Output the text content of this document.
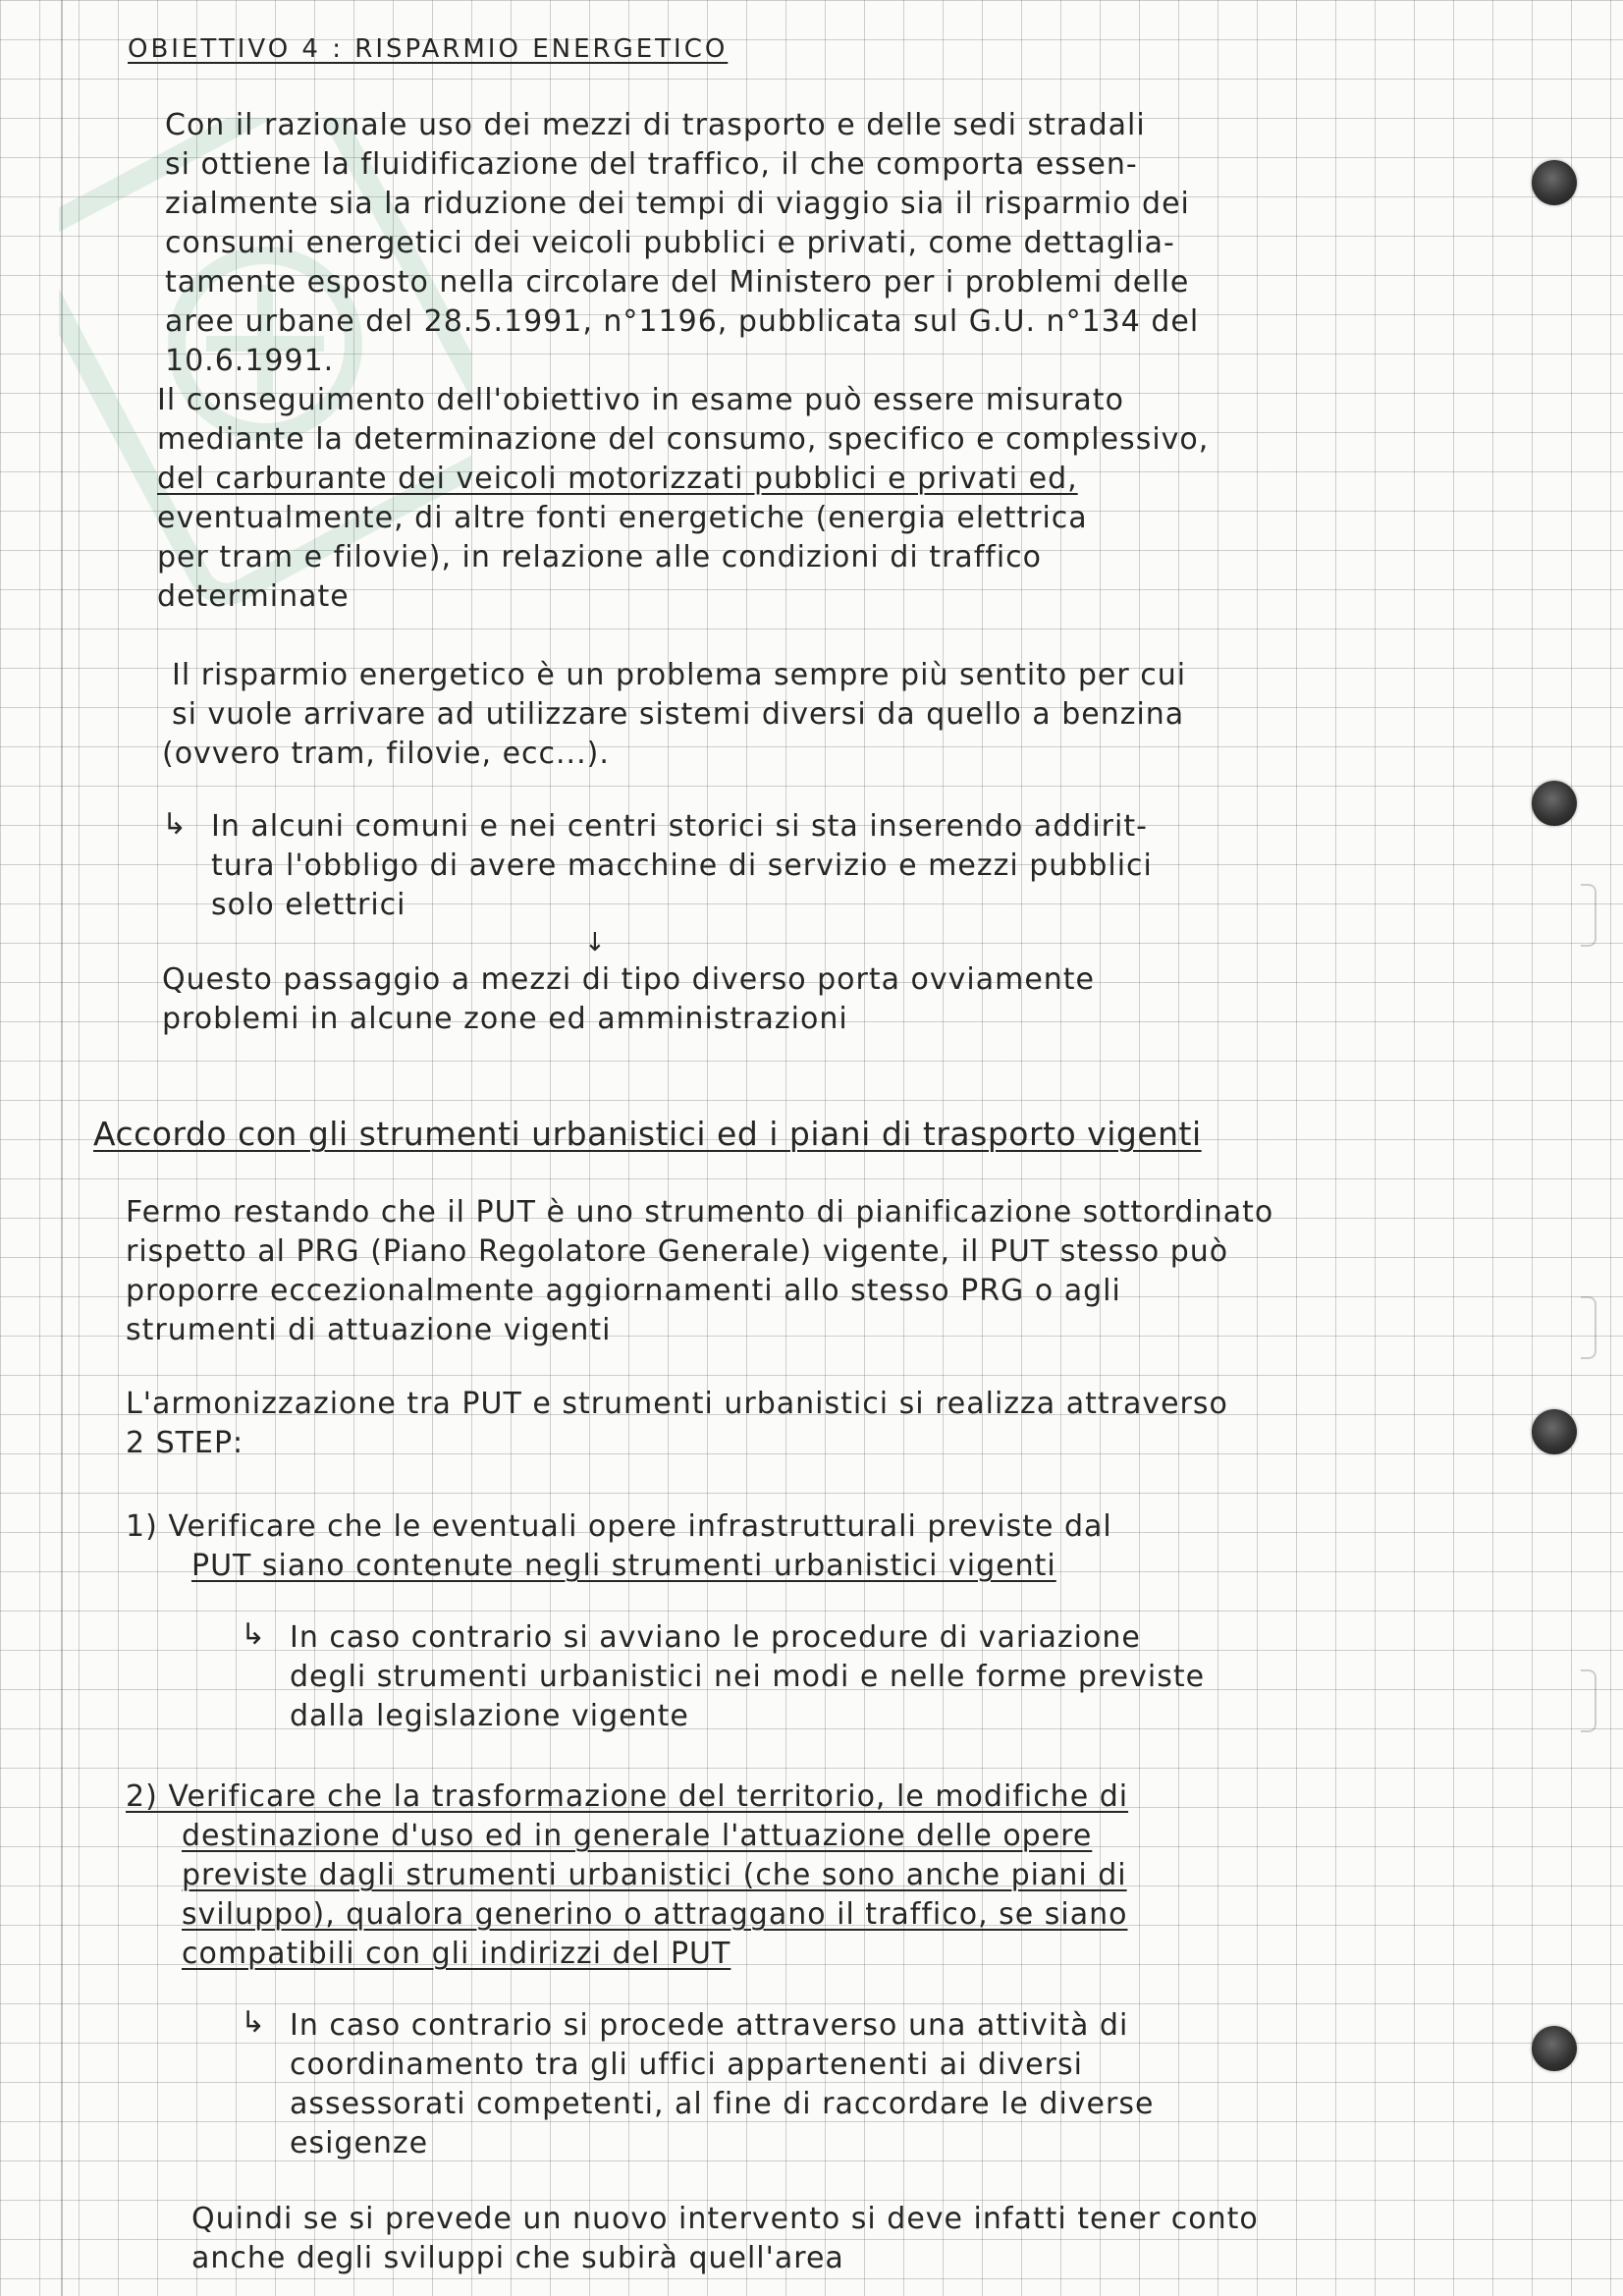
OBIETTIVO 4 : RISPARMIO ENERGETICO
Con il razionale uso dei mezzi di trasporto e delle sedi stradali
si ottiene la fluidificazione del traffico, il che comporta essen-
zialmente sia la riduzione dei tempi di viaggio sia il risparmio dei
consumi energetici dei veicoli pubblici e privati, come dettaglia-
tamente esposto nella circolare del Ministero per i problemi delle
aree urbane del 28.5.1991, n°1196, pubblicata sul G.U. n°134 del
10.6.1991.
Il conseguimento dell'obiettivo in esame può essere misurato
mediante la determinazione del consumo, specifico e complessivo,
del carburante dei veicoli motorizzati pubblici e privati ed,
eventualmente, di altre fonti energetiche (energia elettrica
per tram e filovie), in relazione alle condizioni di traffico
determinate
Il risparmio energetico è un problema sempre più sentito per cui
si vuole arrivare ad utilizzare sistemi diversi da quello a benzina
(ovvero tram, filovie, ecc...).
↳ In alcuni comuni e nei centri storici si sta inserendo addirit-
tura l'obbligo di avere macchine di servizio e mezzi pubblici
solo elettrici
↓
Questo passaggio a mezzi di tipo diverso porta ovviamente
problemi in alcune zone ed amministrazioni
Accordo con gli strumenti urbanistici ed i piani di trasporto vigenti
Fermo restando che il PUT è uno strumento di pianificazione sottordinato
rispetto al PRG (Piano Regolatore Generale) vigente, il PUT stesso può
proporre eccezionalmente aggiornamenti allo stesso PRG o agli
strumenti di attuazione vigenti
L'armonizzazione tra PUT e strumenti urbanistici si realizza attraverso
2 STEP:
1) Verificare che le eventuali opere infrastrutturali previste dal
PUT siano contenute negli strumenti urbanistici vigenti
↳ In caso contrario si avviano le procedure di variazione
degli strumenti urbanistici nei modi e nelle forme previste
dalla legislazione vigente
2) Verificare che la trasformazione del territorio, le modifiche di
destinazione d'uso ed in generale l'attuazione delle opere
previste dagli strumenti urbanistici (che sono anche piani di
sviluppo), qualora generino o attraggano il traffico, se siano
compatibili con gli indirizzi del PUT
↳ In caso contrario si procede attraverso una attività di
coordinamento tra gli uffici appartenenti ai diversi
assessorati competenti, al fine di raccordare le diverse
esigenze
Quindi se si prevede un nuovo intervento si deve infatti tener conto
anche degli sviluppi che subirà quell'area
